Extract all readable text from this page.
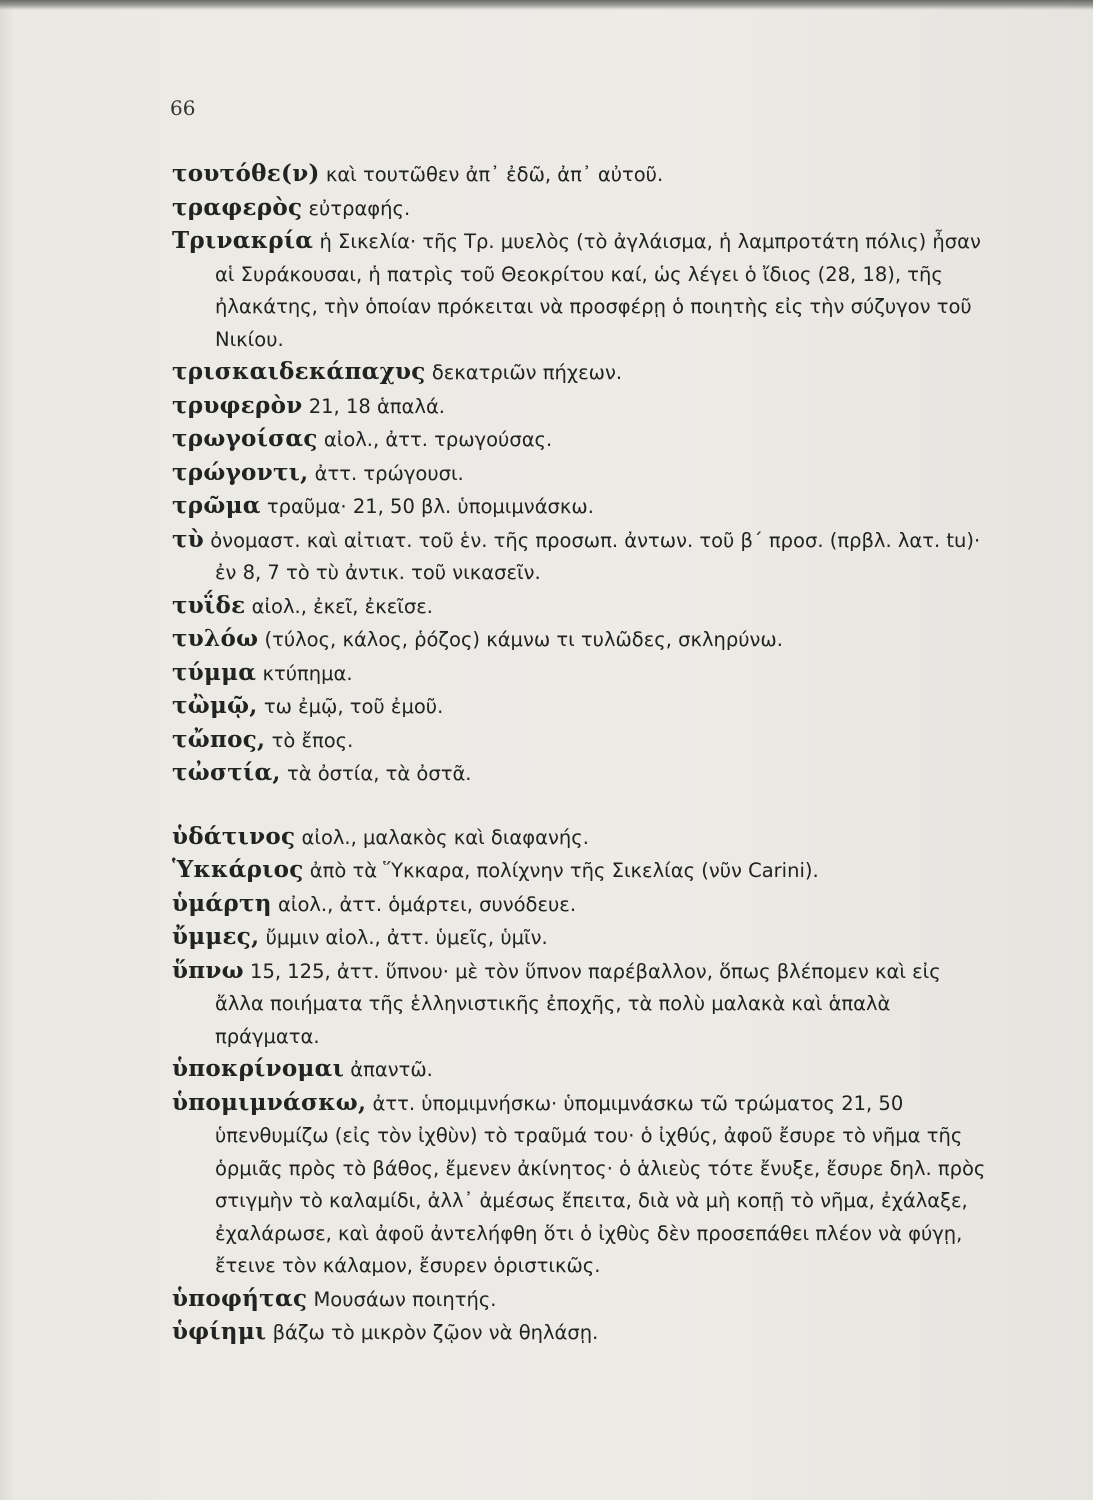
66

τουτόθε(ν) καὶ τουτῶθεν ἀπ᾿ ἐδῶ, ἀπ᾿ αὐτοῦ.

τραφερὸς εὐτραφής.

Τρινακρία ἡ Σικελία· τῆς Τρ. μυελὸς (τὸ ἀγλάισμα, ἡ λαμπροτάτη πόλις) ἦσαν αἱ Συράκουσαι, ἡ πατρὶς τοῦ Θεοκρίτου καί, ὡς λέγει ὁ ἴδιος (28, 18), τῆς ἠλακάτης, τὴν ὁποίαν πρόκειται νὰ προσφέρῃ ὁ ποιητὴς εἰς τὴν σύζυγον τοῦ Νικίου.

τρισκαιδεκάπαχυς δεκατριῶν πήχεων.

τρυφερὸν 21, 18 ἁπαλά.

τρωγοίσας αἰολ., ἀττ. τρωγούσας.

τρώγοντι, ἀττ. τρώγουσι.

τρῶμα τραῦμα· 21, 50 βλ. ὑπομιμνάσκω.

τὺ ὀνομαστ. καὶ αἰτιατ. τοῦ ἑν. τῆς προσωπ. ἀντων. τοῦ β΄ προσ. (πρβλ. λατ. tu)· ἐν 8, 7 τὸ τὺ ἀντικ. τοῦ νικασεῖν.

τυΐδε αἰολ., ἐκεῖ, ἐκεῖσε.

τυλόω (τύλος, κάλος, ῥόζος) κάμνω τι τυλῶδες, σκληρύνω.

τύμμα κτύπημα.

τὢμῷ, τω ἐμῷ, τοῦ ἐμοῦ.

τὤπος, τὸ ἔπος.

τὠστία, τὰ ὀστία, τὰ ὀστᾶ.

ὑδάτινος αἰολ., μαλακὸς καὶ διαφανής.

Ὑκκάριος ἀπὸ τὰ Ὕκκαρα, πολίχνην τῆς Σικελίας (νῦν Carini).

ὑμάρτη αἰολ., ἀττ. ὁμάρτει, συνόδευε.

ὔμμες, ὔμμιν αἰολ., ἀττ. ὑμεῖς, ὑμῖν.

ὕπνω 15, 125, ἀττ. ὕπνου· μὲ τὸν ὕπνον παρέβαλλον, ὅπως βλέπομεν καὶ εἰς ἄλλα ποιήματα τῆς ἑλληνιστικῆς ἐποχῆς, τὰ πολὺ μαλακὰ καὶ ἁπαλὰ πράγματα.

ὑποκρίνομαι ἀπαντῶ.

ὑπομιμνάσκω, ἀττ. ὑπομιμνήσκω· ὑπομιμνάσκω τῶ τρώματος 21, 50 ὑπενθυμίζω (εἰς τὸν ἰχθὺν) τὸ τραῦμά του· ὁ ἰχθύς, ἀφοῦ ἔσυρε τὸ νῆμα τῆς ὁρμιᾶς πρὸς τὸ βάθος, ἔμενεν ἀκίνητος· ὁ ἁλιεὺς τότε ἔνυξε, ἔσυρε δηλ. πρὸς στιγμὴν τὸ καλαμίδι, ἀλλ᾿ ἀμέσως ἔπειτα, διὰ νὰ μὴ κοπῇ τὸ νῆμα, ἐχάλαξε, ἐχαλάρωσε, καὶ ἀφοῦ ἀντελήφθη ὅτι ὁ ἰχθὺς δὲν προσεπάθει πλέον νὰ φύγῃ, ἔτεινε τὸν κάλαμον, ἔσυρεν ὁριστικῶς.

ὑποφήτας Μουσάων ποιητής.

ὑφίημι βάζω τὸ μικρὸν ζῷον νὰ θηλάσῃ.
